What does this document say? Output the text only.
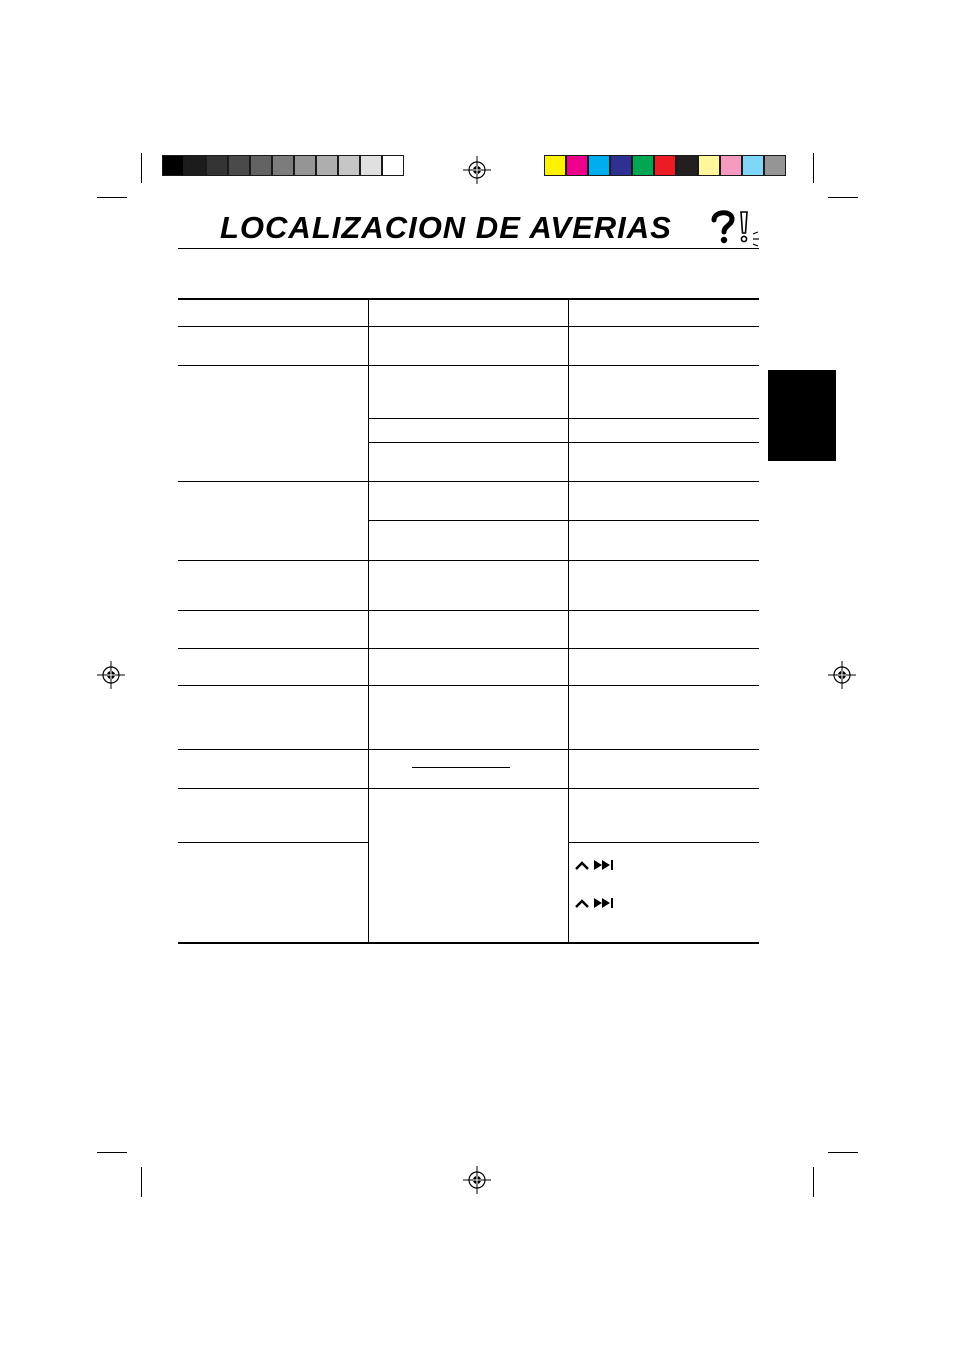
LOCALIZACION DE AVERIAS
